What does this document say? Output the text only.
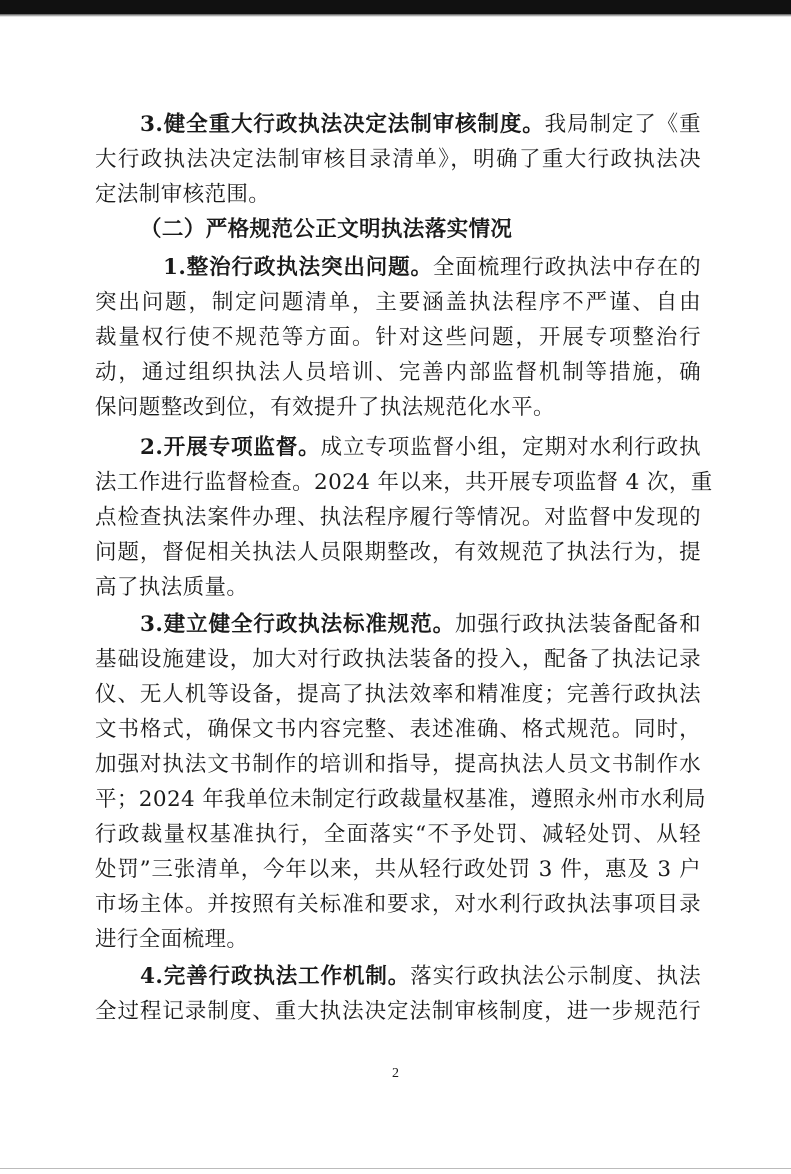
3.健全重大行政执法决定法制审核制度。我局制定了《重
大行政执法决定法制审核目录清单》，明确了重大行政执法决
定法制审核范围。
（二）严格规范公正文明执法落实情况
1.整治行政执法突出问题。全面梳理行政执法中存在的
突出问题，制定问题清单，主要涵盖执法程序不严谨、自由
裁量权行使不规范等方面。针对这些问题，开展专项整治行
动，通过组织执法人员培训、完善内部监督机制等措施，确
保问题整改到位，有效提升了执法规范化水平。
2.开展专项监督。成立专项监督小组，定期对水利行政执
法工作进行监督检查。2024 年以来，共开展专项监督 4 次，重
点检查执法案件办理、执法程序履行等情况。对监督中发现的
问题，督促相关执法人员限期整改，有效规范了执法行为，提
高了执法质量。
3.建立健全行政执法标准规范。加强行政执法装备配备和
基础设施建设，加大对行政执法装备的投入，配备了执法记录
仪、无人机等设备，提高了执法效率和精准度；完善行政执法
文书格式，确保文书内容完整、表述准确、格式规范。同时，
加强对执法文书制作的培训和指导，提高执法人员文书制作水
平；2024 年我单位未制定行政裁量权基准，遵照永州市水利局
行政裁量权基准执行，全面落实“不予处罚、减轻处罚、从轻
处罚”三张清单，今年以来，共从轻行政处罚 3 件，惠及 3 户
市场主体。并按照有关标准和要求，对水利行政执法事项目录
进行全面梳理。
4.完善行政执法工作机制。落实行政执法公示制度、执法
全过程记录制度、重大执法决定法制审核制度，进一步规范行
2
